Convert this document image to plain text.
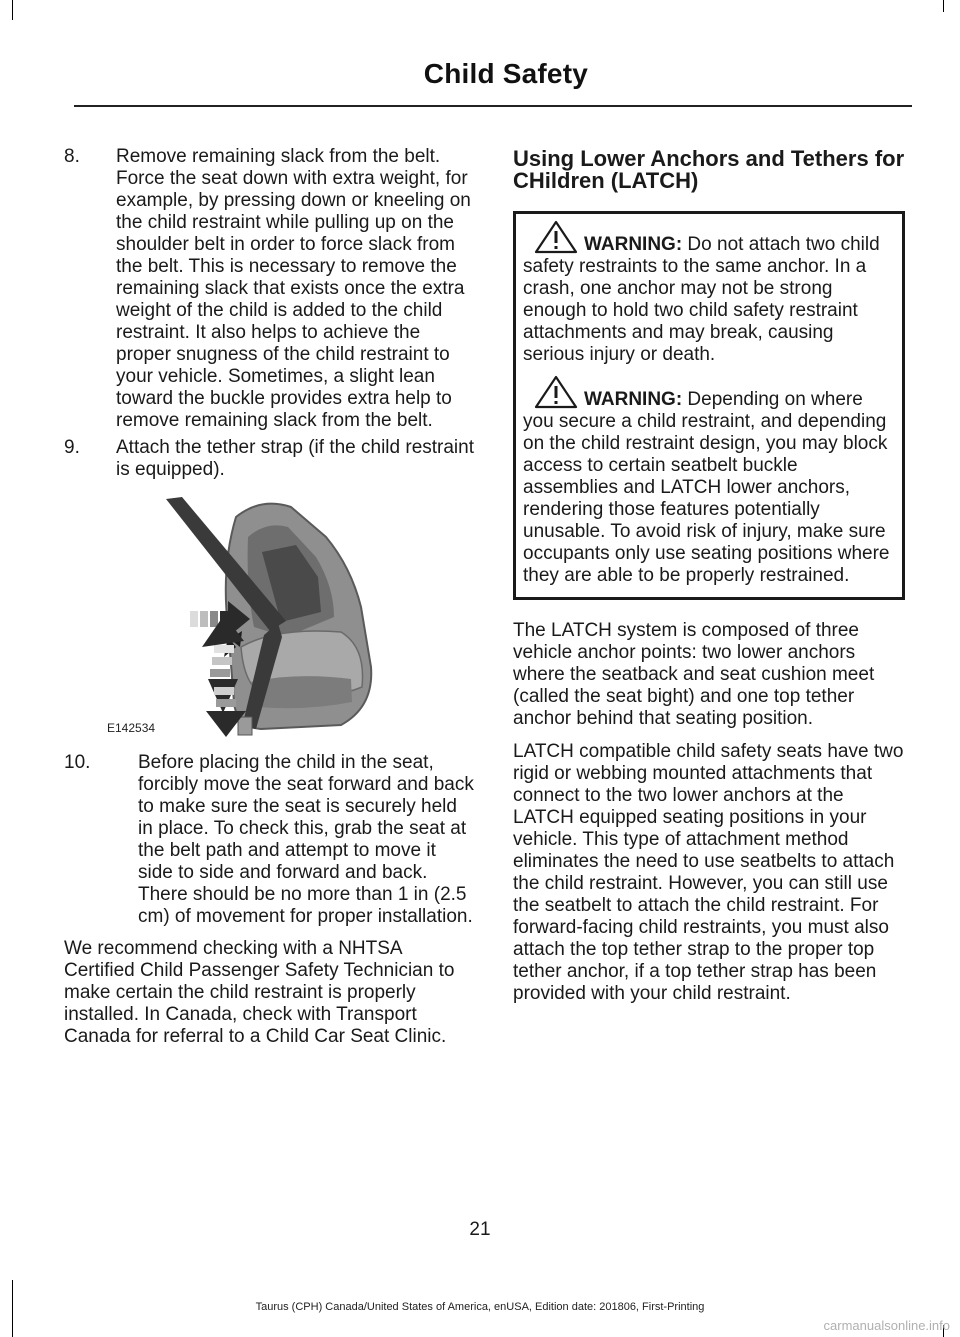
Child Safety
8.	Remove remaining slack from the belt. Force the seat down with extra weight, for example, by pressing down or kneeling on the child restraint while pulling up on the shoulder belt in order to force slack from the belt. This is necessary to remove the remaining slack that exists once the extra weight of the child is added to the child restraint. It also helps to achieve the proper snugness of the child restraint to your vehicle. Sometimes, a slight lean toward the buckle provides extra help to remove remaining slack from the belt.
9.	Attach the tether strap (if the child restraint is equipped).
E142534
10.	Before placing the child in the seat, forcibly move the seat forward and back to make sure the seat is securely held in place. To check this, grab the seat at the belt path and attempt to move it side to side and forward and back. There should be no more than 1 in (2.5 cm) of movement for proper installation.

We recommend checking with a NHTSA Certified Child Passenger Safety Technician to make certain the child restraint is properly installed. In Canada, check with Transport Canada for referral to a Child Car Seat Clinic.

Using Lower Anchors and Tethers for CHildren (LATCH)
WARNING: Do not attach two child safety restraints to the same anchor. In a crash, one anchor may not be strong enough to hold two child safety restraint attachments and may break, causing serious injury or death.
WARNING: Depending on where you secure a child restraint, and depending on the child restraint design, you may block access to certain seatbelt buckle assemblies and LATCH lower anchors, rendering those features potentially unusable. To avoid risk of injury, make sure occupants only use seating positions where they are able to be properly restrained.

The LATCH system is composed of three vehicle anchor points: two lower anchors where the seatback and seat cushion meet (called the seat bight) and one top tether anchor behind that seating position.

LATCH compatible child safety seats have two rigid or webbing mounted attachments that connect to the two lower anchors at the LATCH equipped seating positions in your vehicle. This type of attachment method eliminates the need to use seatbelts to attach the child restraint. However, you can still use the seatbelt to attach the child restraint. For forward-facing child restraints, you must also attach the top tether strap to the proper top tether anchor, if a top tether strap has been provided with your child restraint.

21
Taurus (CPH) Canada/United States of America, enUSA, Edition date: 201806, First-Printing
carmanualsonline.info
